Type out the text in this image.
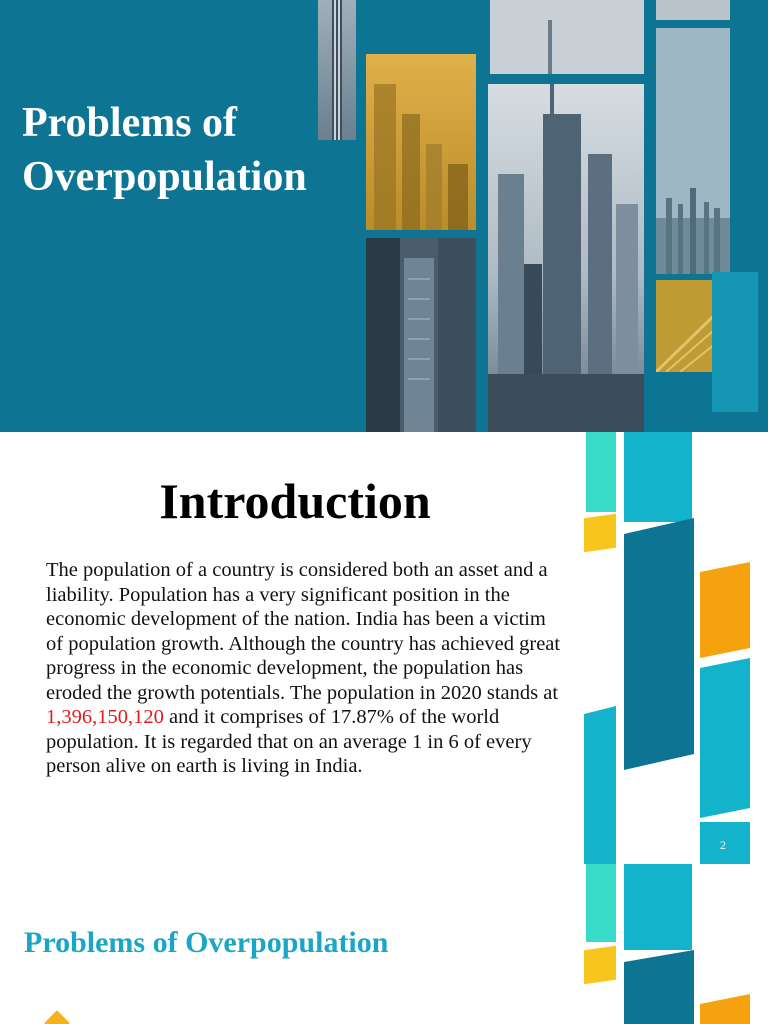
Problems of
Overpopulation
Introduction

The population of a country is considered both an asset and a liability. Population has a very significant position in the economic development of the nation. India has been a victim of population growth. Although the country has achieved great progress in the economic development, the population has eroded the growth potentials. The population in 2020 stands at 1,396,150,120 and it comprises of 17.87% of the world population. It is regarded that on an average 1 in 6 of every person alive on earth is living in India.

2
Problems of Overpopulation
